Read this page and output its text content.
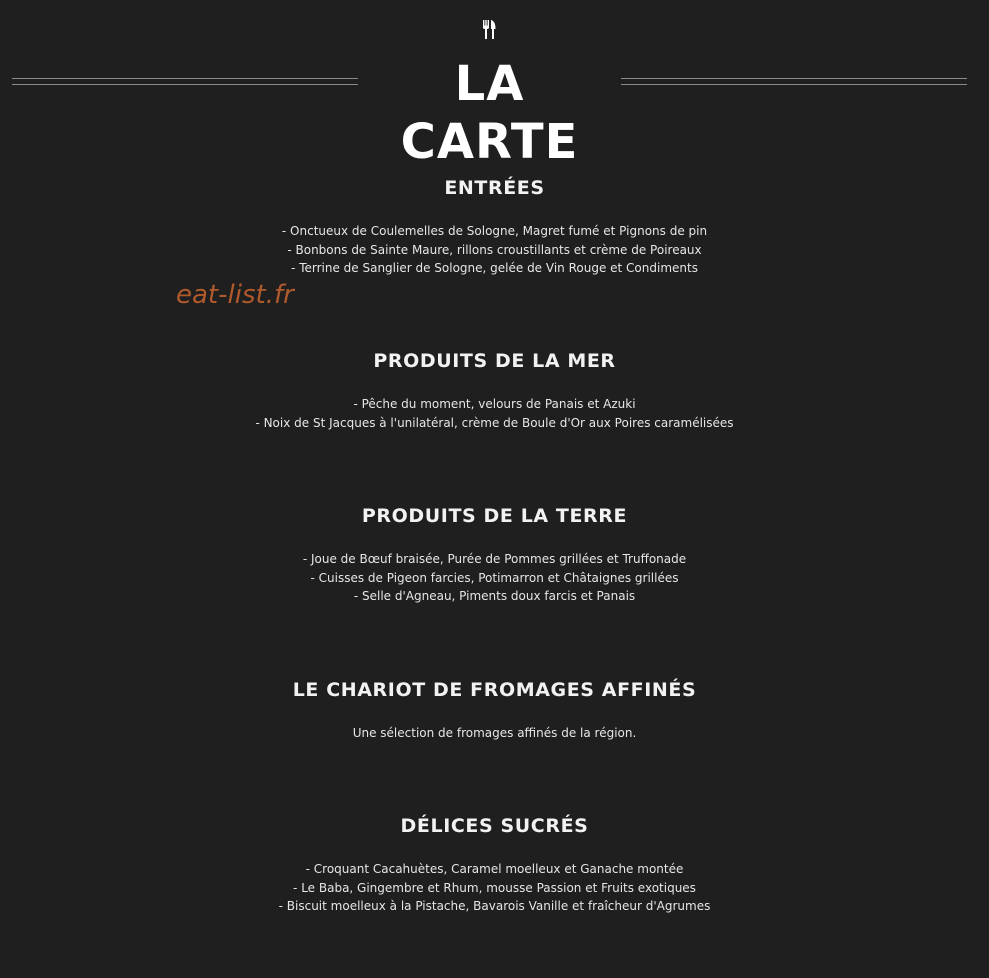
LA CARTE

eat-list.fr

ENTRÉES
- Onctueux de Coulemelles de Sologne, Magret fumé et Pignons de pin
- Bonbons de Sainte Maure, rillons croustillants et crème de Poireaux
- Terrine de Sanglier de Sologne, gelée de Vin Rouge et Condiments
PRODUITS DE LA MER
- Pêche du moment, velours de Panais et Azuki
- Noix de St Jacques à l'unilatéral, crème de Boule d'Or aux Poires caramélisées
PRODUITS DE LA TERRE
- Joue de Bœuf braisée, Purée de Pommes grillées et Truffonade
- Cuisses de Pigeon farcies, Potimarron et Châtaignes grillées
- Selle d'Agneau, Piments doux farcis et Panais
LE CHARIOT DE FROMAGES AFFINÉS
Une sélection de fromages affinés de la région.
DÉLICES SUCRÉS
- Croquant Cacahuètes, Caramel moelleux et Ganache montée
- Le Baba, Gingembre et Rhum, mousse Passion et Fruits exotiques
- Biscuit moelleux à la Pistache, Bavarois Vanille et fraîcheur d'Agrumes
